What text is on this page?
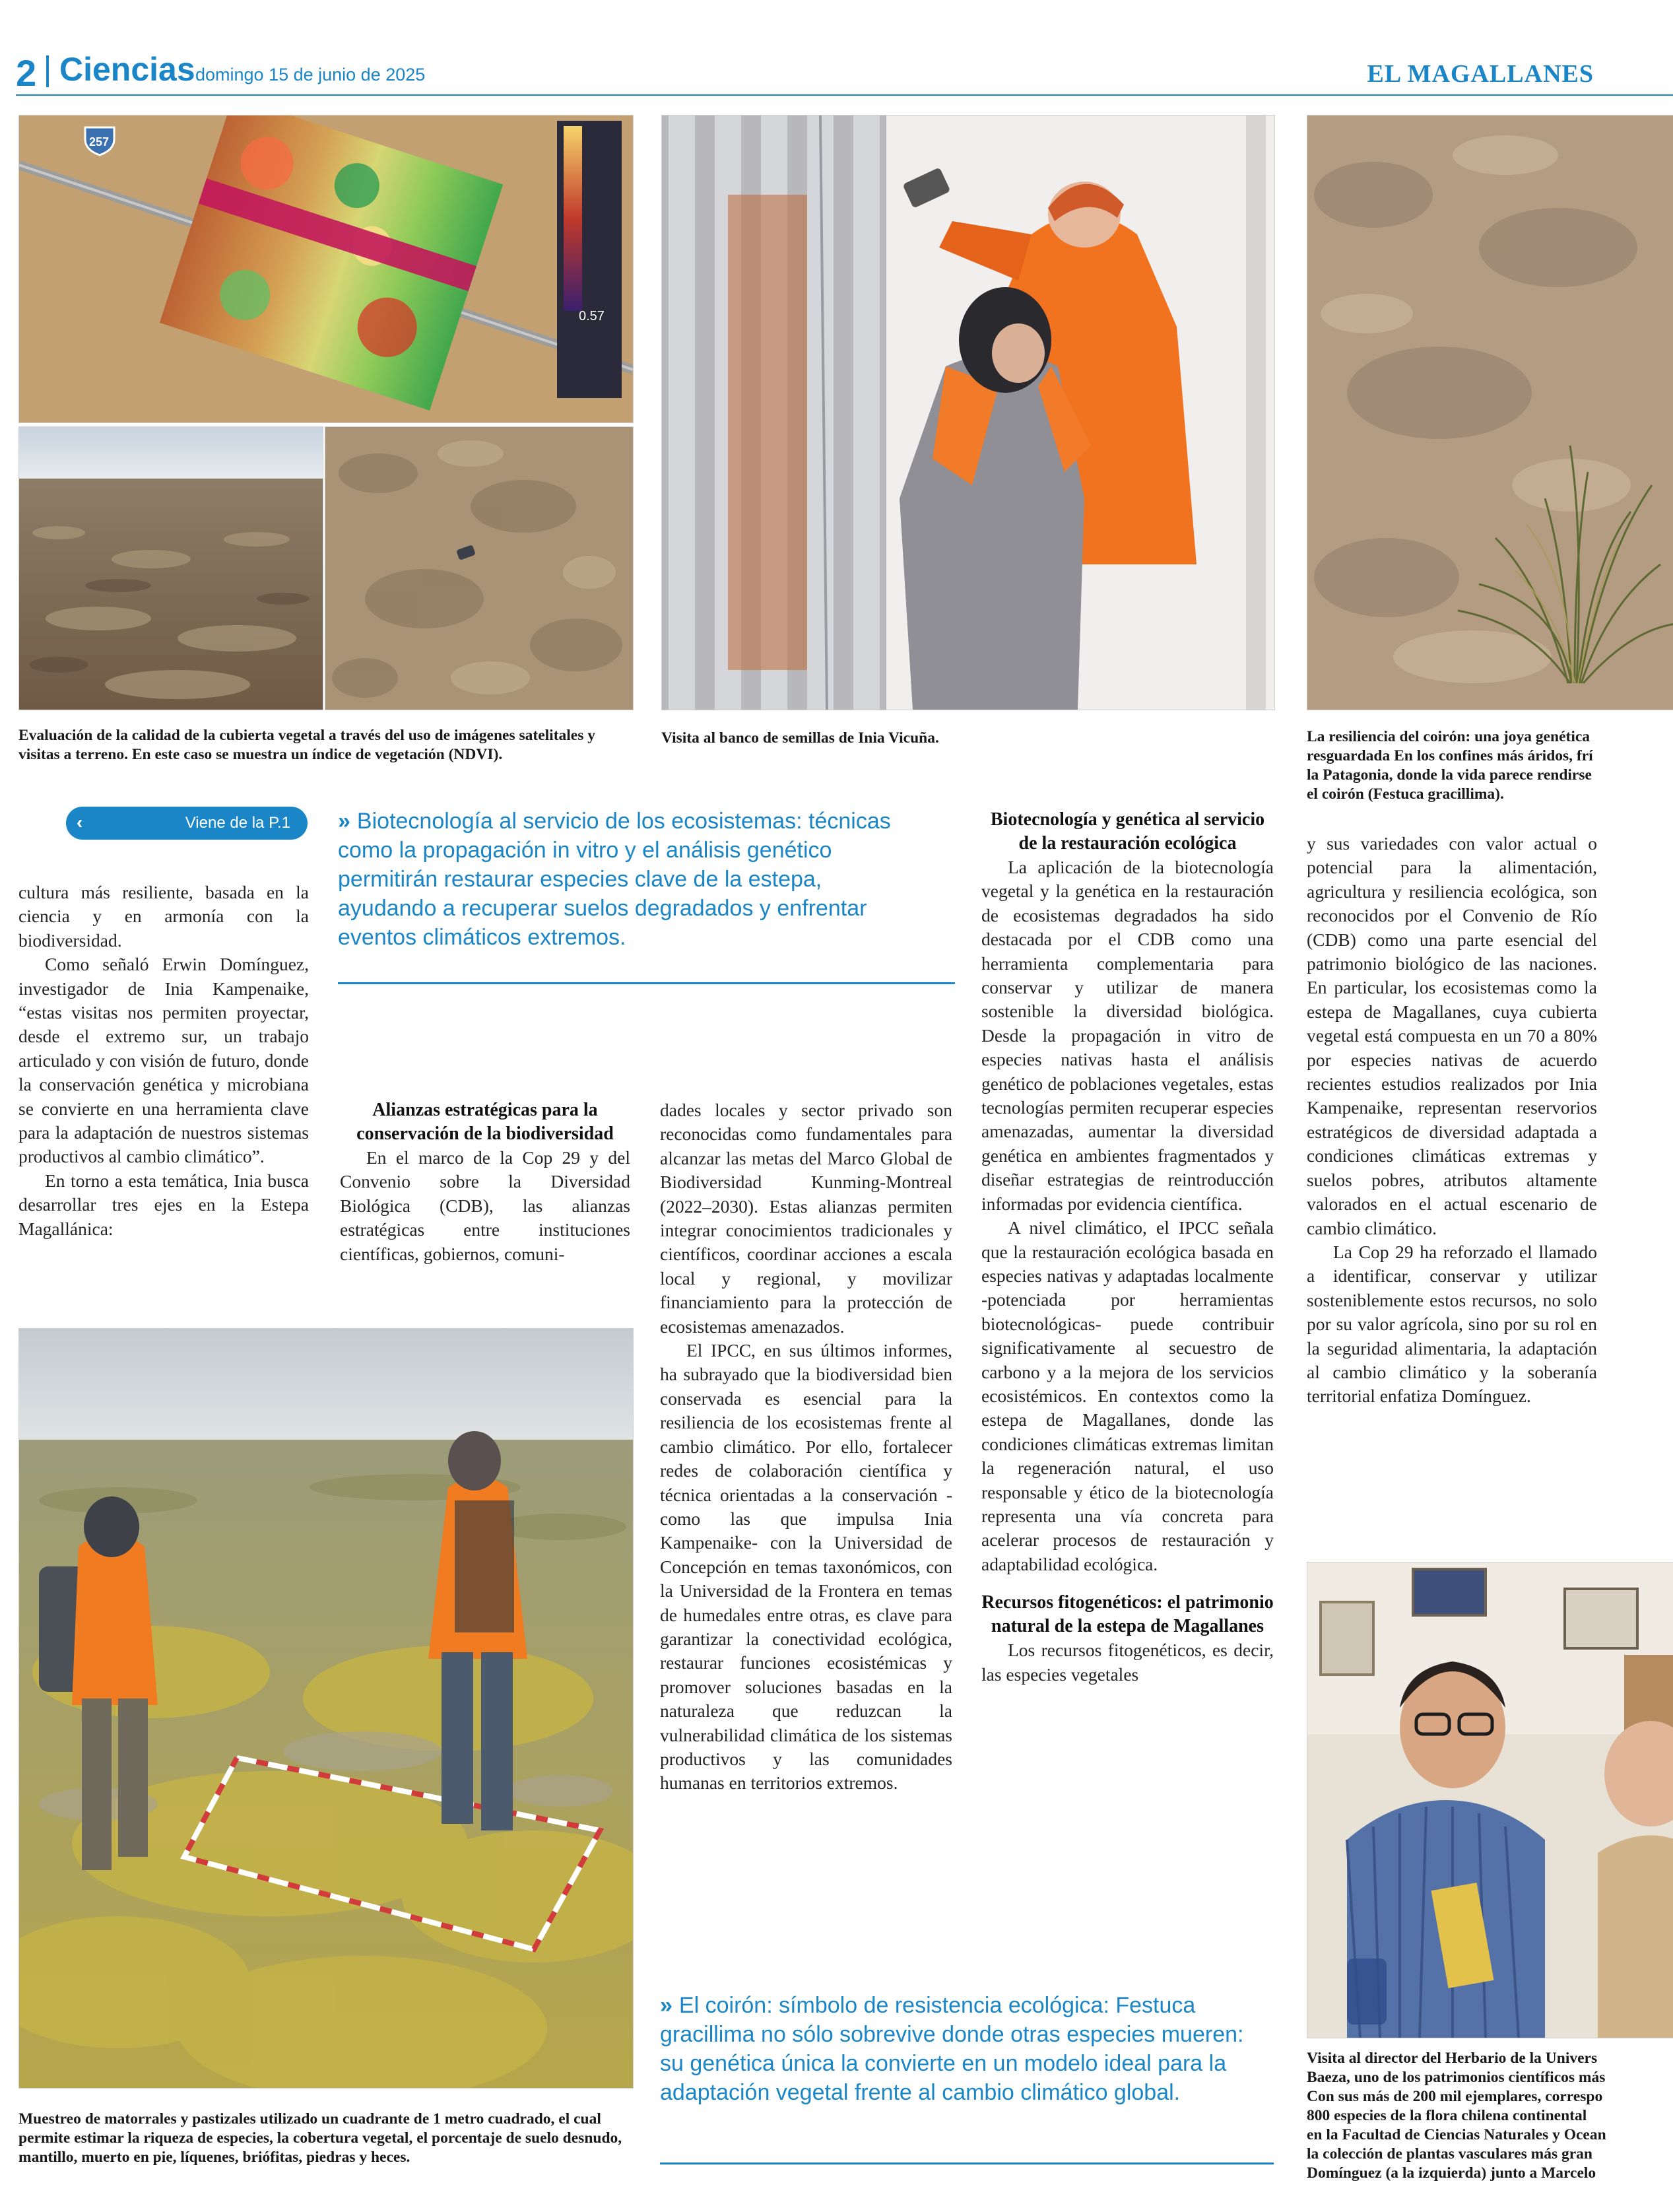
2 Ciencias domingo 15 de junio de 2025	EL MAGALLANES
0.57
257
Evaluación de la calidad de la cubierta vegetal a través del uso de imágenes satelitales y visitas a terreno. En este caso se muestra un índice de vegetación (NDVI).
Visita al banco de semillas de Inia Vicuña.	La resiliencia del coirón: una joya genética
resguardada En los confines más áridos, frí
la Patagonia, donde la vida parece rendirse
el coirón (Festuca gracillima).
‹	Viene de la P.1 » Biotecnología al servicio de los ecosistemas: técnicas como la propagación in vitro y el análisis genético permitirán restaurar especies clave de la estepa, ayudando a recuperar suelos degradados y enfrentar eventos climáticos extremos.

cultura más resiliente, basada en la ciencia y en armonía con la biodiversidad.

Como señaló Erwin Domínguez, investigador de Inia Kampenaike, “estas visitas nos permiten proyectar, desde el extremo sur, un trabajo articulado y con visión de futuro, donde la conservación genética y microbiana se convierte en una herramienta clave para la adaptación de nuestros sistemas productivos al cambio climático”.

En torno a esta temática, Inia busca desarrollar tres ejes en la Estepa Magallánica:

Alianzas estratégicas para la conservación de la biodiversidad

En el marco de la Cop 29 y del Convenio sobre la Diversidad Biológica (CDB), las alianzas estratégicas entre instituciones científicas, gobiernos, comuni-

dades locales y sector privado son reconocidas como fundamentales para alcanzar las metas del Marco Global de Biodiversidad Kunming-Montreal (2022–2030). Estas alianzas permiten integrar conocimientos tradicionales y científicos, coordinar acciones a escala local y regional, y movilizar financiamiento para la protección de ecosistemas amenazados.

El IPCC, en sus últimos informes, ha subrayado que la biodiversidad bien conservada es esencial para la resiliencia de los ecosistemas frente al cambio climático. Por ello, fortalecer redes de colaboración científica y técnica orientadas a la conservación -como las que impulsa Inia Kampenaike- con la Universidad de Concepción en temas taxonómicos, con la Universidad de la Frontera en temas de humedales entre otras, es clave para garantizar la conectividad ecológica, restaurar funciones ecosistémicas y promover soluciones basadas en la naturaleza que reduzcan la vulnerabilidad climática de los sistemas productivos y las comunidades humanas en territorios extremos.

Biotecnología y genética al servicio de la restauración ecológica

La aplicación de la biotecnología vegetal y la genética en la restauración de ecosistemas degradados ha sido destacada por el CDB como una herramienta complementaria para conservar y utilizar de manera sostenible la diversidad biológica. Desde la propagación in vitro de especies nativas hasta el análisis genético de poblaciones vegetales, estas tecnologías permiten recuperar especies amenazadas, aumentar la diversidad genética en ambientes fragmentados y diseñar estrategias de reintroducción informadas por evidencia científica.

A nivel climático, el IPCC señala que la restauración ecológica basada en especies nativas y adaptadas localmente -potenciada por herramientas biotecnológicas- puede contribuir significativamente al secuestro de carbono y a la mejora de los servicios ecosistémicos. En contextos como la estepa de Magallanes, donde las condiciones climáticas extremas limitan la regeneración natural, el uso responsable y ético de la biotecnología representa una vía concreta para acelerar procesos de restauración y adaptabilidad ecológica.

Recursos fitogenéticos: el patrimonio natural de la estepa de Magallanes

Los recursos fitogenéticos, es decir, las especies vegetales

y sus variedades con valor actual o potencial para la alimentación, agricultura y resiliencia ecológica, son reconocidos por el Convenio de Río (CDB) como una parte esencial del patrimonio biológico de las naciones. En particular, los ecosistemas como la estepa de Magallanes, cuya cubierta vegetal está compuesta en un 70 a 80% por especies nativas de acuerdo recientes estudios realizados por Inia Kampenaike, representan reservorios estratégicos de diversidad adaptada a condiciones climáticas extremas y suelos pobres, atributos altamente valorados en el actual escenario de cambio climático.

La Cop 29 ha reforzado el llamado a identificar, conservar y utilizar sosteniblemente estos recursos, no solo por su valor agrícola, sino por su rol en la seguridad alimentaria, la adaptación al cambio climático y la soberanía territorial enfatiza Domínguez.

Muestreo de matorrales y pastizales utilizado un cuadrante de 1 metro cuadrado, el cual permite estimar la riqueza de especies, la cobertura vegetal, el porcentaje de suelo desnudo, mantillo, muerto en pie, líquenes, briófitas, piedras y heces.
» El coirón: símbolo de resistencia ecológica: Festuca gracillima no sólo sobrevive donde otras especies mueren: su genética única la convierte en un modelo ideal para la adaptación vegetal frente al cambio climático global.
Visita al director del Herbario de la Univers
Baeza, uno de los patrimonios científicos más
Con sus más de 200 mil ejemplares, correspo
800 especies de la flora chilena continental
en la Facultad de Ciencias Naturales y Ocean
la colección de plantas vasculares más gran
Domínguez (a la izquierda) junto a Marcelo
